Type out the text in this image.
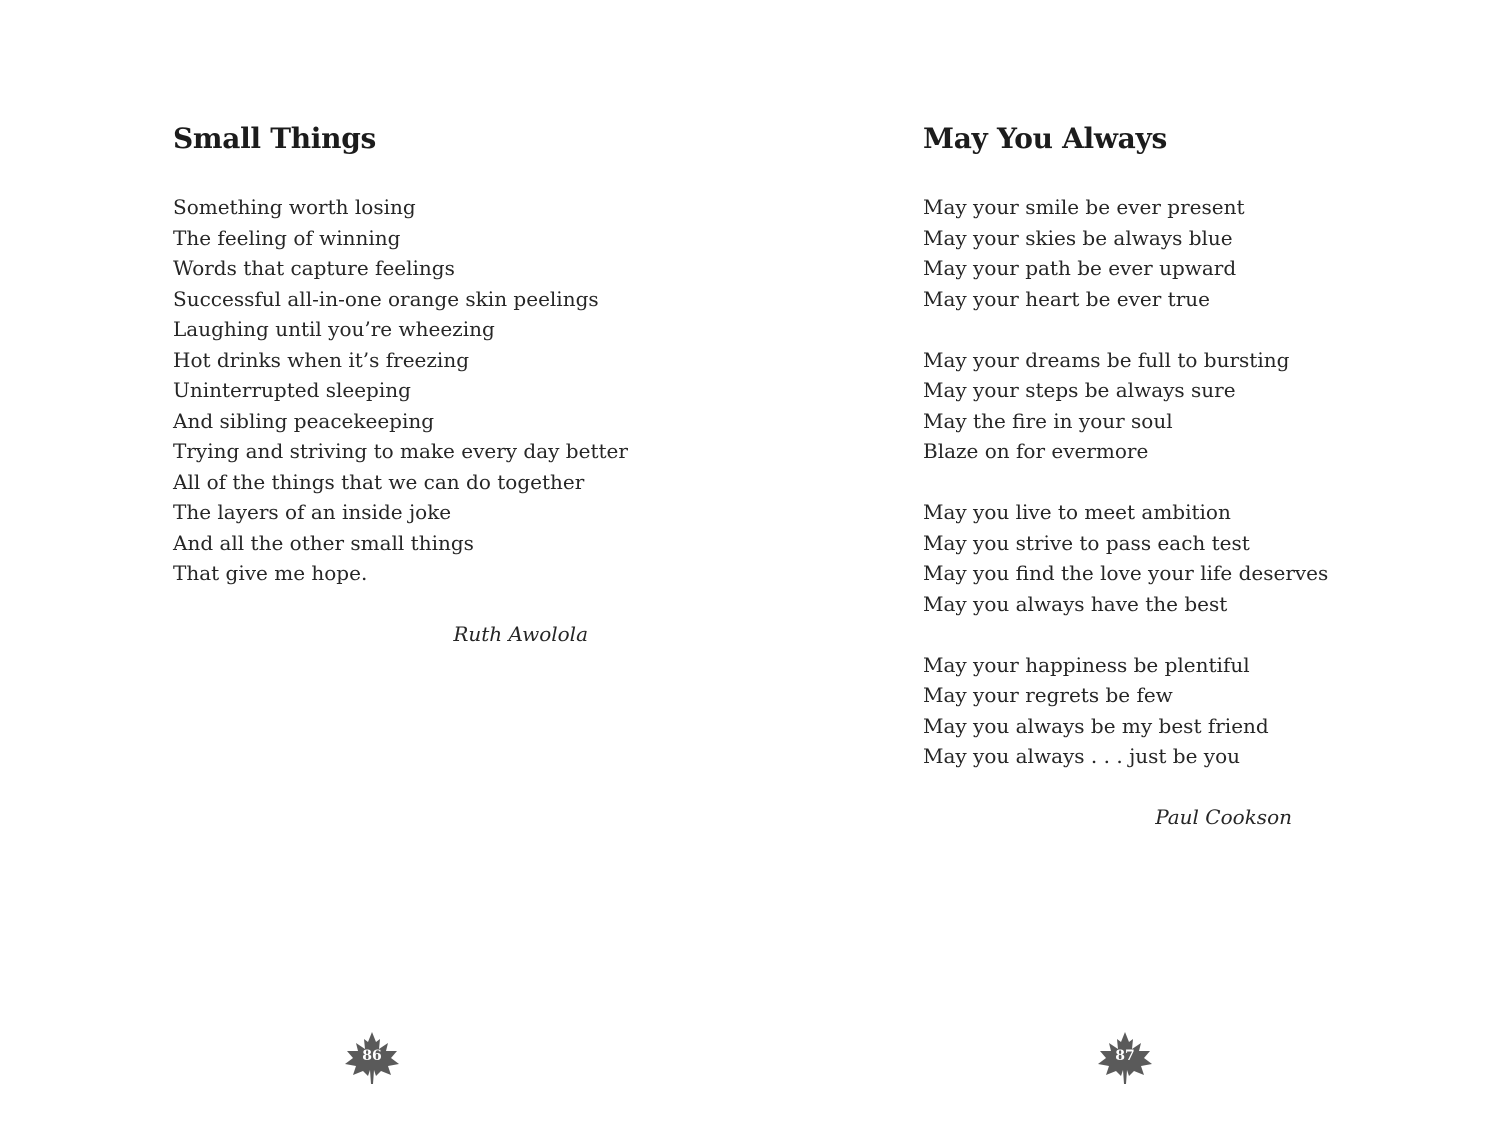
Small Things
Something worth losing
The feeling of winning
Words that capture feelings
Successful all-in-one orange skin peelings
Laughing until you’re wheezing
Hot drinks when it’s freezing
Uninterrupted sleeping
And sibling peacekeeping
Trying and striving to make every day better
All of the things that we can do together
The layers of an inside joke
And all the other small things
That give me hope.
Ruth Awolola
86
May You Always
May your smile be ever present
May your skies be always blue
May your path be ever upward
May your heart be ever true
May your dreams be full to bursting
May your steps be always sure
May the fire in your soul
Blaze on for evermore
May you live to meet ambition
May you strive to pass each test
May you find the love your life deserves
May you always have the best
May your happiness be plentiful
May your regrets be few
May you always be my best friend
May you always . . . just be you
Paul Cookson
87
